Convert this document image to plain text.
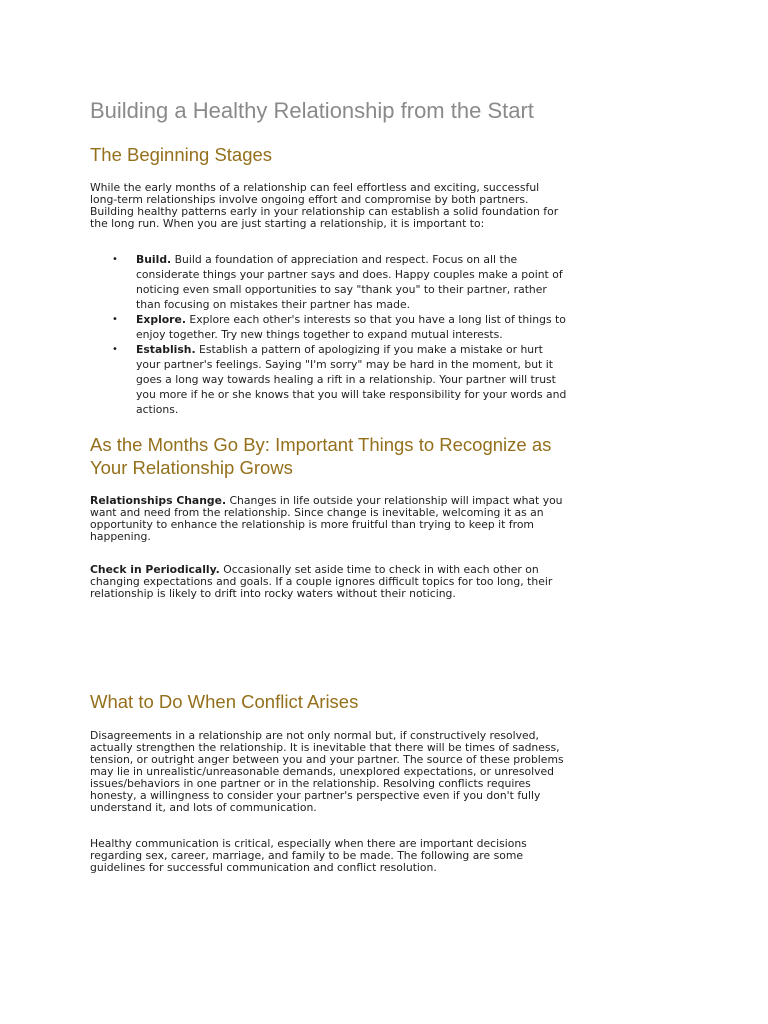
Building a Healthy Relationship from the Start
The Beginning Stages

While the early months of a relationship can feel effortless and exciting, successful long-term relationships involve ongoing effort and compromise by both partners. Building healthy patterns early in your relationship can establish a solid foundation for the long run. When you are just starting a relationship, it is important to:

• Build. Build a foundation of appreciation and respect. Focus on all the considerate things your partner says and does. Happy couples make a point of noticing even small opportunities to say "thank you" to their partner, rather than focusing on mistakes their partner has made.
• Explore. Explore each other's interests so that you have a long list of things to enjoy together. Try new things together to expand mutual interests.
• Establish. Establish a pattern of apologizing if you make a mistake or hurt your partner's feelings. Saying "I'm sorry" may be hard in the moment, but it goes a long way towards healing a rift in a relationship. Your partner will trust you more if he or she knows that you will take responsibility for your words and actions.
As the Months Go By: Important Things to Recognize as Your Relationship Grows

Relationships Change. Changes in life outside your relationship will impact what you want and need from the relationship. Since change is inevitable, welcoming it as an opportunity to enhance the relationship is more fruitful than trying to keep it from happening.

Check in Periodically. Occasionally set aside time to check in with each other on changing expectations and goals. If a couple ignores difficult topics for too long, their relationship is likely to drift into rocky waters without their noticing.

What to Do When Conflict Arises

Disagreements in a relationship are not only normal but, if constructively resolved, actually strengthen the relationship. It is inevitable that there will be times of sadness, tension, or outright anger between you and your partner. The source of these problems may lie in unrealistic/unreasonable demands, unexplored expectations, or unresolved issues/behaviors in one partner or in the relationship. Resolving conflicts requires honesty, a willingness to consider your partner's perspective even if you don't fully understand it, and lots of communication.

Healthy communication is critical, especially when there are important decisions regarding sex, career, marriage, and family to be made. The following are some guidelines for successful communication and conflict resolution.
